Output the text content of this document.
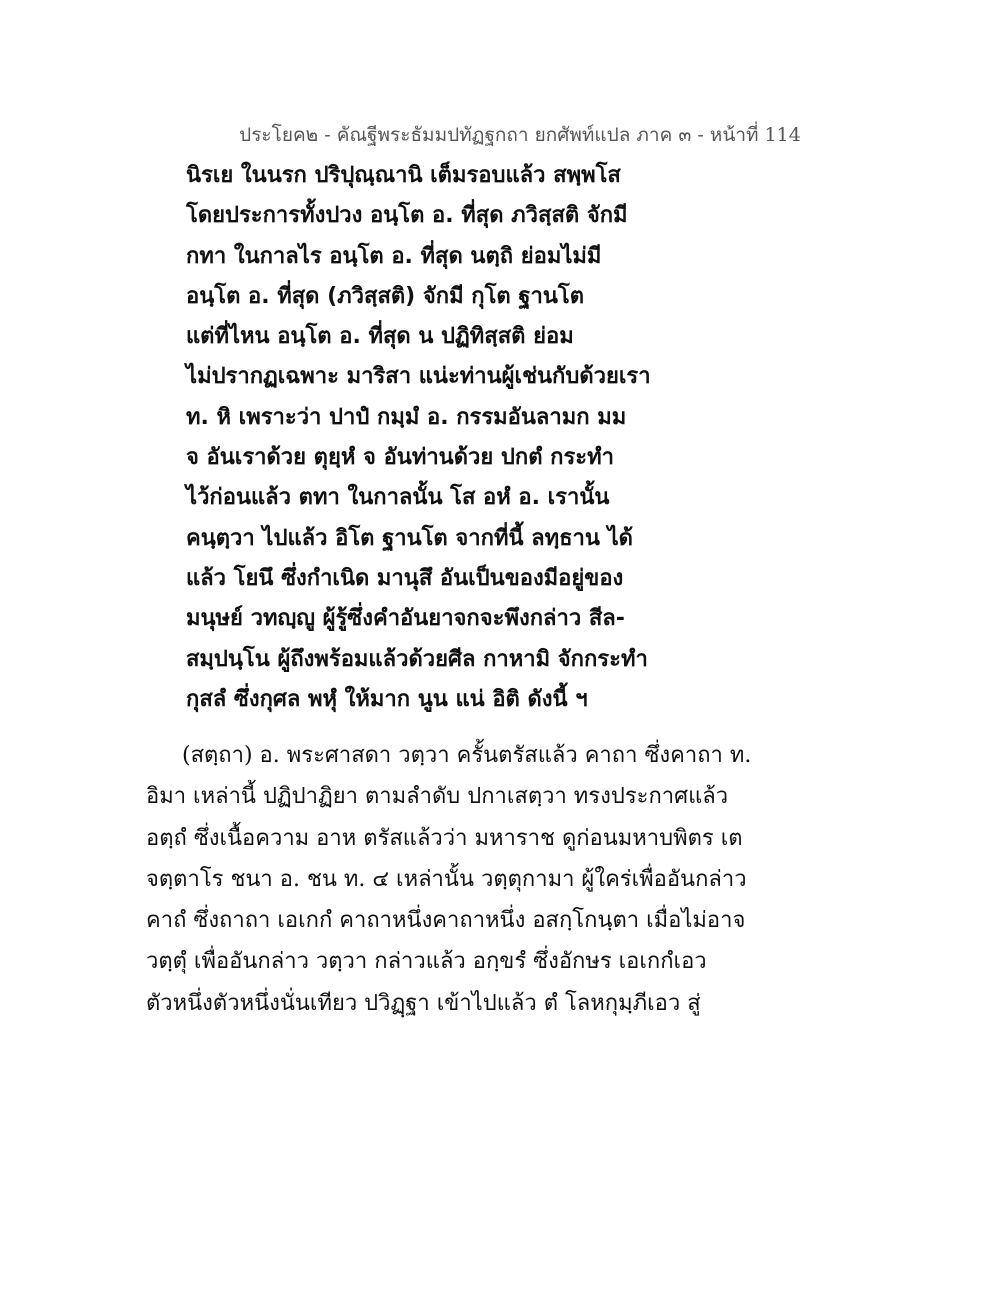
ประโยค๒ - คัณฐีพระธัมมปทัฏฐกถา ยกศัพท์แปล ภาค ๓ - หน้าที่ 114
นิรเย ในนรก ปริปุณฺณานิ เต็มรอบแล้ว สพฺพโส
โดยประการทั้งปวง อนฺโต อ. ที่สุด ภวิสฺสติ จักมี
กทา ในกาลไร อนฺโต อ. ที่สุด นตฺถิ ย่อมไม่มี
อนฺโต อ. ที่สุด (ภวิสฺสติ) จักมี กุโต ฐานโต
แต่ที่ไหน อนฺโต อ. ที่สุด น ปฏิทิสฺสติ ย่อม
ไม่ปรากฏเฉพาะ มาริสา แน่ะท่านผู้เช่นกับด้วยเรา
ท. หิ เพราะว่า ปาปํ กมฺมํ อ. กรรมอันลามก มม
จ อันเราด้วย ตุยฺหํ จ อันท่านด้วย ปกตํ กระทำ
ไว้ก่อนแล้ว ตทา ในกาลนั้น โส อหํ อ. เรานั้น
คนฺตฺวา ไปแล้ว อิโต ฐานโต จากที่นี้ ลทฺธาน ได้
แล้ว โยนึ ซึ่งกำเนิด มานุสึ อันเป็นของมีอยู่ของ
มนุษย์ วทญฺญู ผู้รู้ซึ่งคำอันยาจกจะพึงกล่าว สีล-
สมฺปนฺโน ผู้ถึงพร้อมแล้วด้วยศีล กาหามิ จักกระทำ
กุสลํ ซึ่งกุศล พหุํ ให้มาก นูน แน่ อิติ ดังนี้ ฯ
(สตฺถา) อ. พระศาสดา วตฺวา ครั้นตรัสแล้ว คาถา ซึ่งคาถา ท.
อิมา เหล่านี้ ปฏิปาฏิยา ตามลำดับ ปกาเสตฺวา ทรงประกาศแล้ว
อตฺถํ ซึ่งเนื้อความ อาห ตรัสแล้วว่า มหาราช ดูก่อนมหาบพิตร เต
จตฺตาโร ชนา อ. ชน ท. ๔ เหล่านั้น วตฺตุกามา ผู้ใคร่เพื่ออันกล่าว
คาถํ ซึ่งถาถา เอเกกํ คาถาหนึ่งคาถาหนึ่ง อสกฺโกนฺตา เมื่อไม่อาจ
วตฺตุํ เพื่ออันกล่าว วตฺวา กล่าวแล้ว อกฺขรํ ซึ่งอักษร เอเกกํเอว
ตัวหนึ่งตัวหนึ่งนั่นเทียว ปวิฏฺฐา เข้าไปแล้ว ตํ โลหกุมฺภีเอว สู่
